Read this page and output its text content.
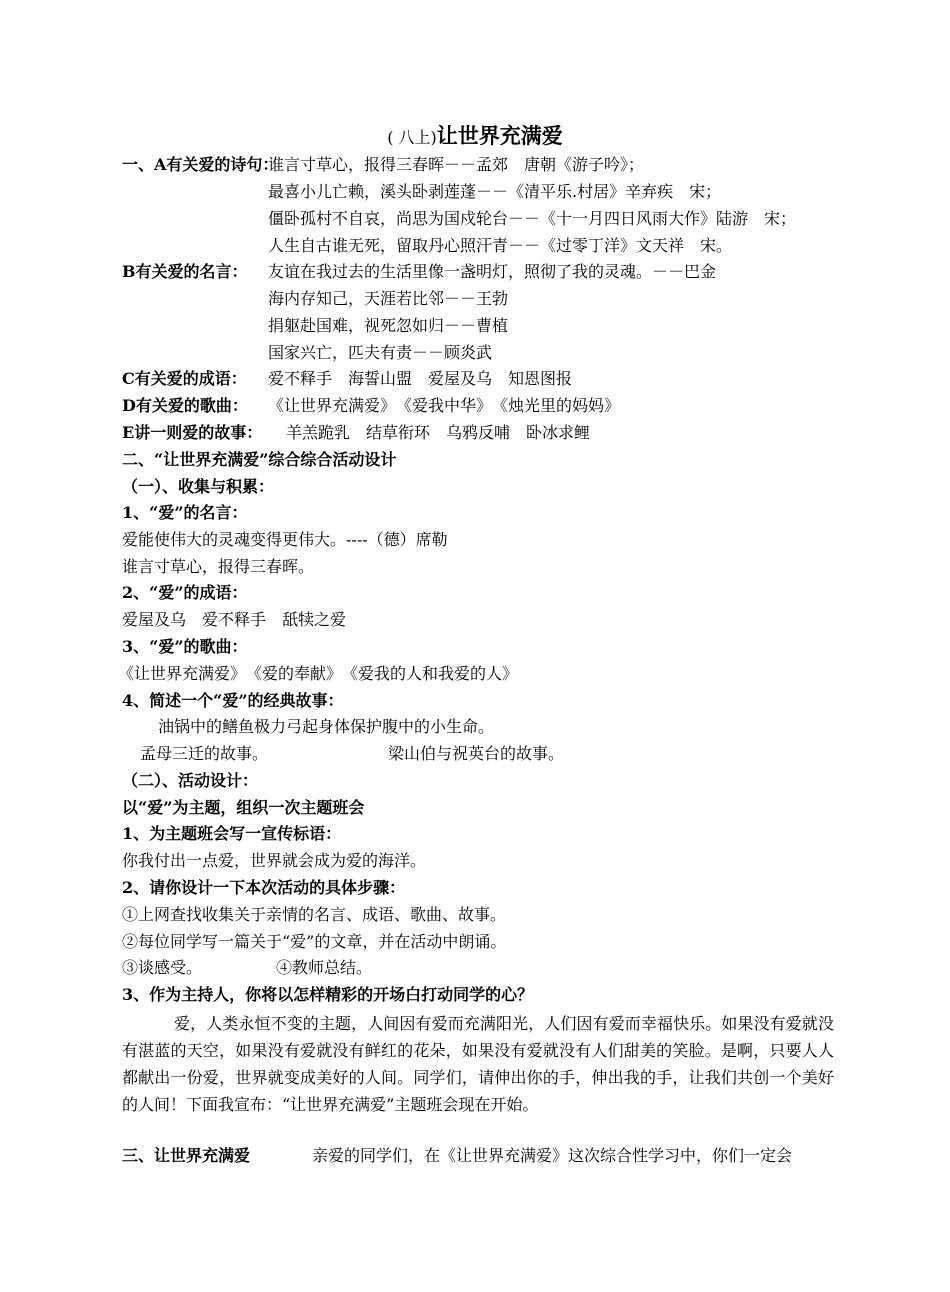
( 八上)让世界充满爱
一、A有关爱的诗句：
谁言寸草心，报得三春晖－－孟郊　唐朝《游子吟》；
最喜小儿亡赖，溪头卧剥莲蓬－－《清平乐.村居》辛弃疾　宋；
僵卧孤村不自哀，尚思为国戍轮台－－《十一月四日风雨大作》陆游　宋；
人生自古谁无死，留取丹心照汗青－－《过零丁洋》文天祥　宋。
B有关爱的名言： 友谊在我过去的生活里像一盏明灯，照彻了我的灵魂。－－巴金
海内存知己，天涯若比邻－－王勃
捐躯赴国难，视死忽如归－－曹植
国家兴亡，匹夫有责－－顾炎武
C有关爱的成语： 爱不释手　海誓山盟　爱屋及乌　知恩图报
D有关爱的歌曲： 《让世界充满爱》　《爱我中华》　《烛光里的妈妈》
E讲一则爱的故事： 羊羔跪乳　结草衔环　乌鸦反哺　卧冰求鲤
二、“让世界充满爱”综合综合活动设计
（一）、收集与积累：
1、“爱”的名言：
爱能使伟大的灵魂变得更伟大。----（德）席勒
谁言寸草心，报得三春晖。
2、“爱”的成语：
爱屋及乌　爱不释手　舐犊之爱
3、“爱”的歌曲：
《让世界充满爱》　《爱的奉献》　《爱我的人和我爱的人》
4、简述一个“爱”的经典故事：
油锅中的鳝鱼极力弓起身体保护腹中的小生命。
孟母三迁的故事。	梁山伯与祝英台的故事。
（二）、活动设计：
以“爱”为主题，组织一次主题班会
1、为主题班会写一宣传标语：
你我付出一点爱，世界就会成为爱的海洋。
2、请你设计一下本次活动的具体步骤：
①上网查找收集关于亲情的名言、成语、歌曲、故事。
②每位同学写一篇关于“爱”的文章，并在活动中朗诵。
③谈感受。	④教师总结。
3、作为主持人，你将以怎样精彩的开场白打动同学的心？
爱，人类永恒不变的主题，人间因有爱而充满阳光，人们因有爱而幸福快乐。如果没有爱就没有湛蓝的天空，如果没有爱就没有鲜红的花朵，如果没有爱就没有人们甜美的笑脸。是啊，只要人人都献出一份爱，世界就变成美好的人间。同学们，请伸出你的手，伸出我的手，让我们共创一个美好的人间！下面我宣布：“让世界充满爱”主题班会现在开始。
三、让世界充满爱	亲爱的同学们，在《让世界充满爱》这次综合性学习中，你们一定会
